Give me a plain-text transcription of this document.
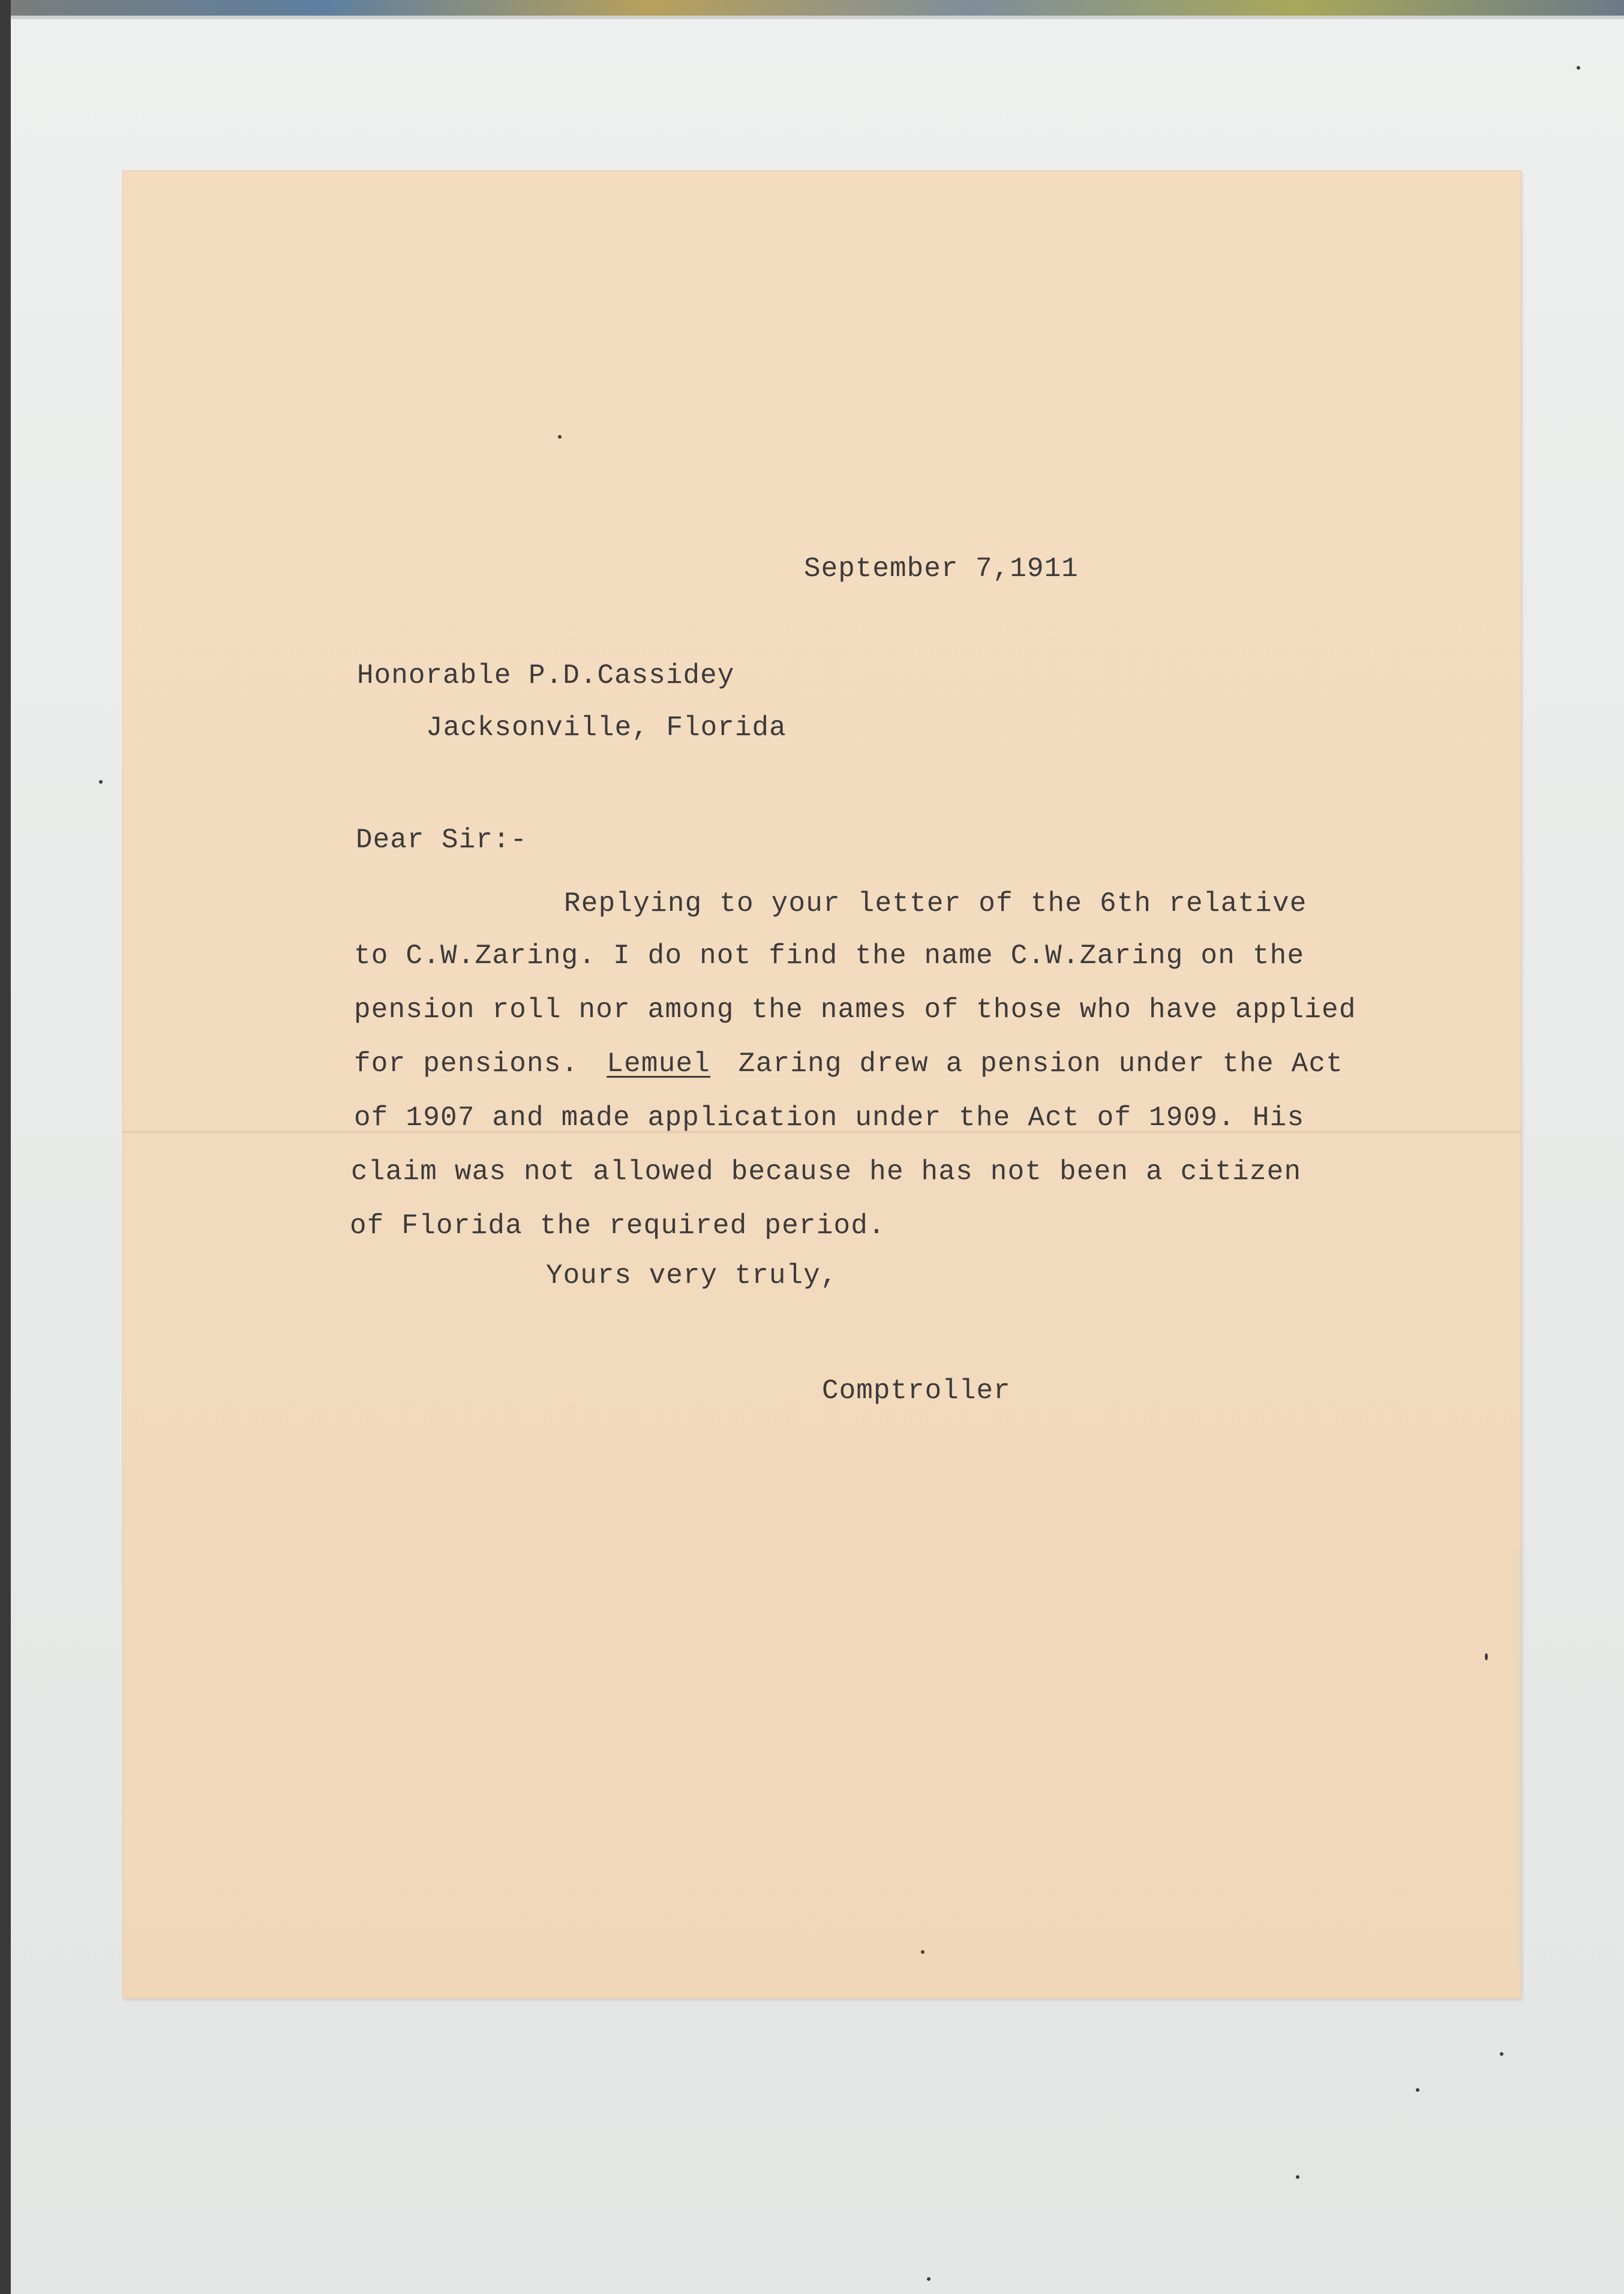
September 7,1911
Honorable P.D.Cassidey
Jacksonville, Florida
Dear Sir:-
Replying to your letter of the 6th relative
to C.W.Zaring. I do not find the name C.W.Zaring on the
pension roll nor among the names of those who have applied
for pensions. Lemuel Zaring drew a pension under the Act
of 1907 and made application under the Act of 1909. His
claim was not allowed because he has not been a citizen
of Florida the required period.
Yours very truly,
Comptroller
